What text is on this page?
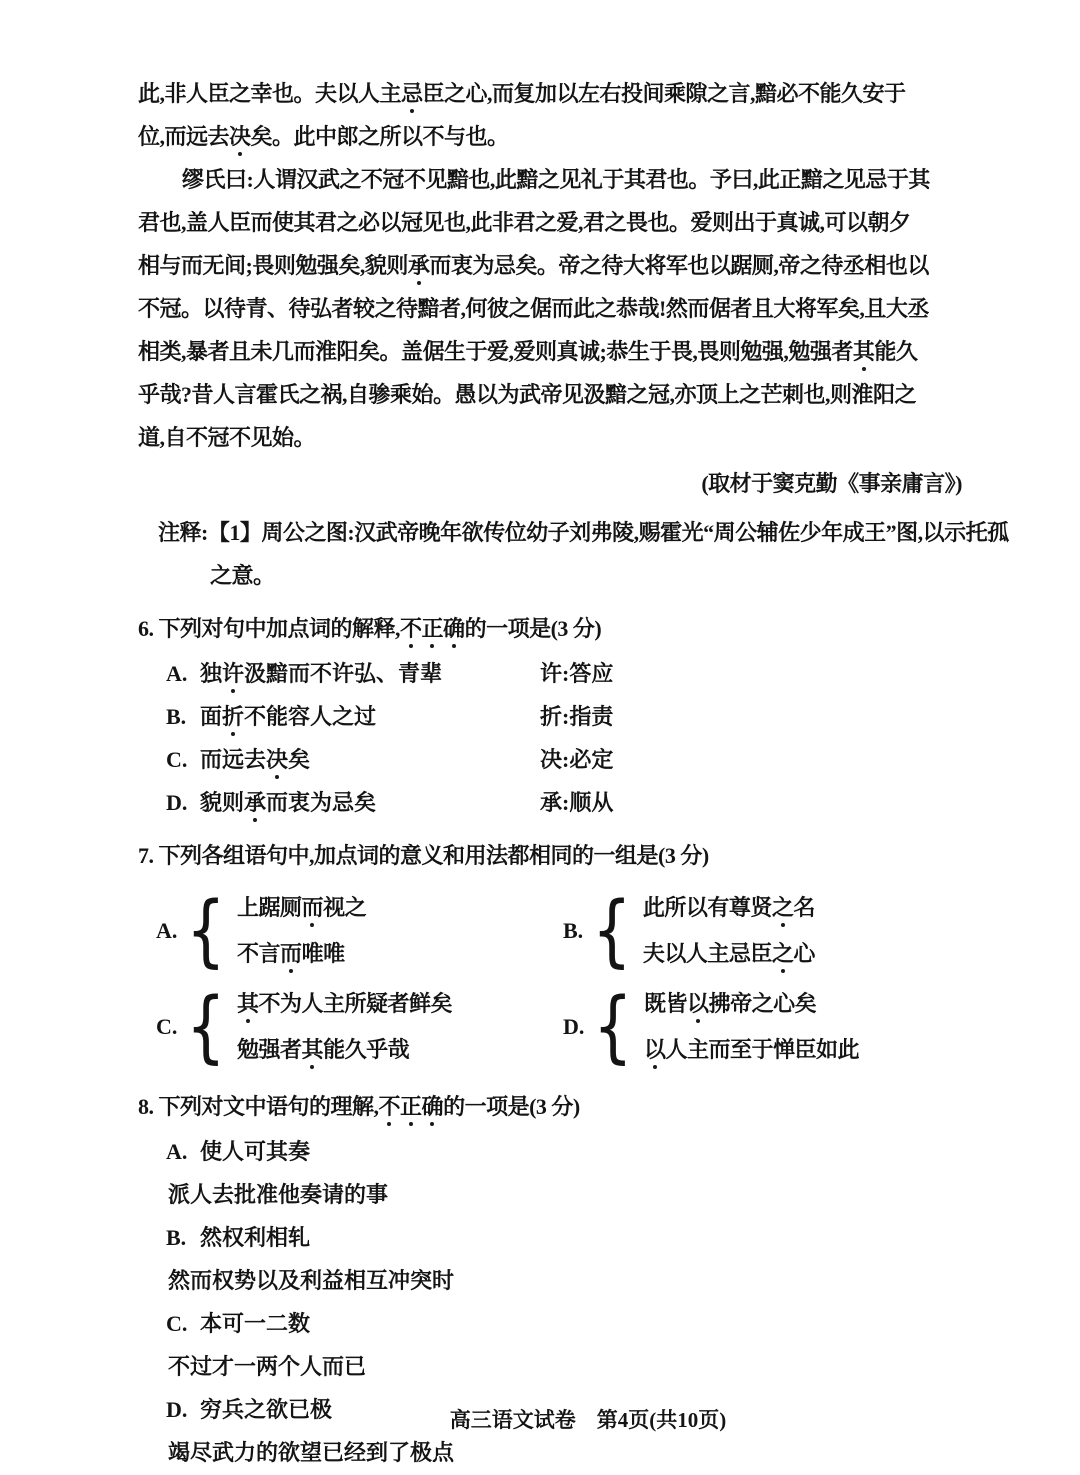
此,非人臣之幸也。夫以人主忌臣之心,而复加以左右投间乘隙之言,黯必不能久安于
位,而远去决矣。此中郎之所以不与也。
缪氏曰:人谓汉武之不冠不见黯也,此黯之见礼于其君也。予曰,此正黯之见忌于其
君也,盖人臣而使其君之必以冠见也,此非君之爱,君之畏也。爱则出于真诚,可以朝夕
相与而无间;畏则勉强矣,貌则承而衷为忌矣。帝之待大将军也以踞厕,帝之待丞相也以
不冠。以待青、待弘者较之待黯者,何彼之倨而此之恭哉!然而倨者且大将军矣,且大丞
相类,暴者且未几而淮阳矣。盖倨生于爱,爱则真诚;恭生于畏,畏则勉强,勉强者其能久
乎哉?昔人言霍氏之祸,自骖乘始。愚以为武帝见汲黯之冠,亦顶上之芒刺也,则淮阳之
道,自不冠不见始。
(取材于窦克勤《事亲庸言》)
注释:【1】周公之图:汉武帝晚年欲传位幼子刘弗陵,赐霍光“周公辅佐少年成王”图,以示托孤
之意。
6. 下列对句中加点词的解释,不正确的一项是(3 分)
A. 独许汲黯而不许弘、青辈	许:答应
B. 面折不能容人之过	折:指责
C. 而远去决矣	决:必定
D. 貌则承而衷为忌矣	承:顺从
7. 下列各组语句中,加点词的意义和用法都相同的一组是(3 分)
A. { 上踞厕而视之
不言而唯唯
B. { 此所以有尊贤之名
夫以人主忌臣之心
C. { 其不为人主所疑者鲜矣
勉强者其能久乎哉
D. { 既皆以拂帝之心矣
以人主而至于惮臣如此
8. 下列对文中语句的理解,不正确的一项是(3 分)
A. 使人可其奏
派人去批准他奏请的事
B. 然权利相轧
然而权势以及利益相互冲突时
C. 本可一二数
不过才一两个人而已
D. 穷兵之欲已极
竭尽武力的欲望已经到了极点
高三语文试卷　第4页(共10页)
